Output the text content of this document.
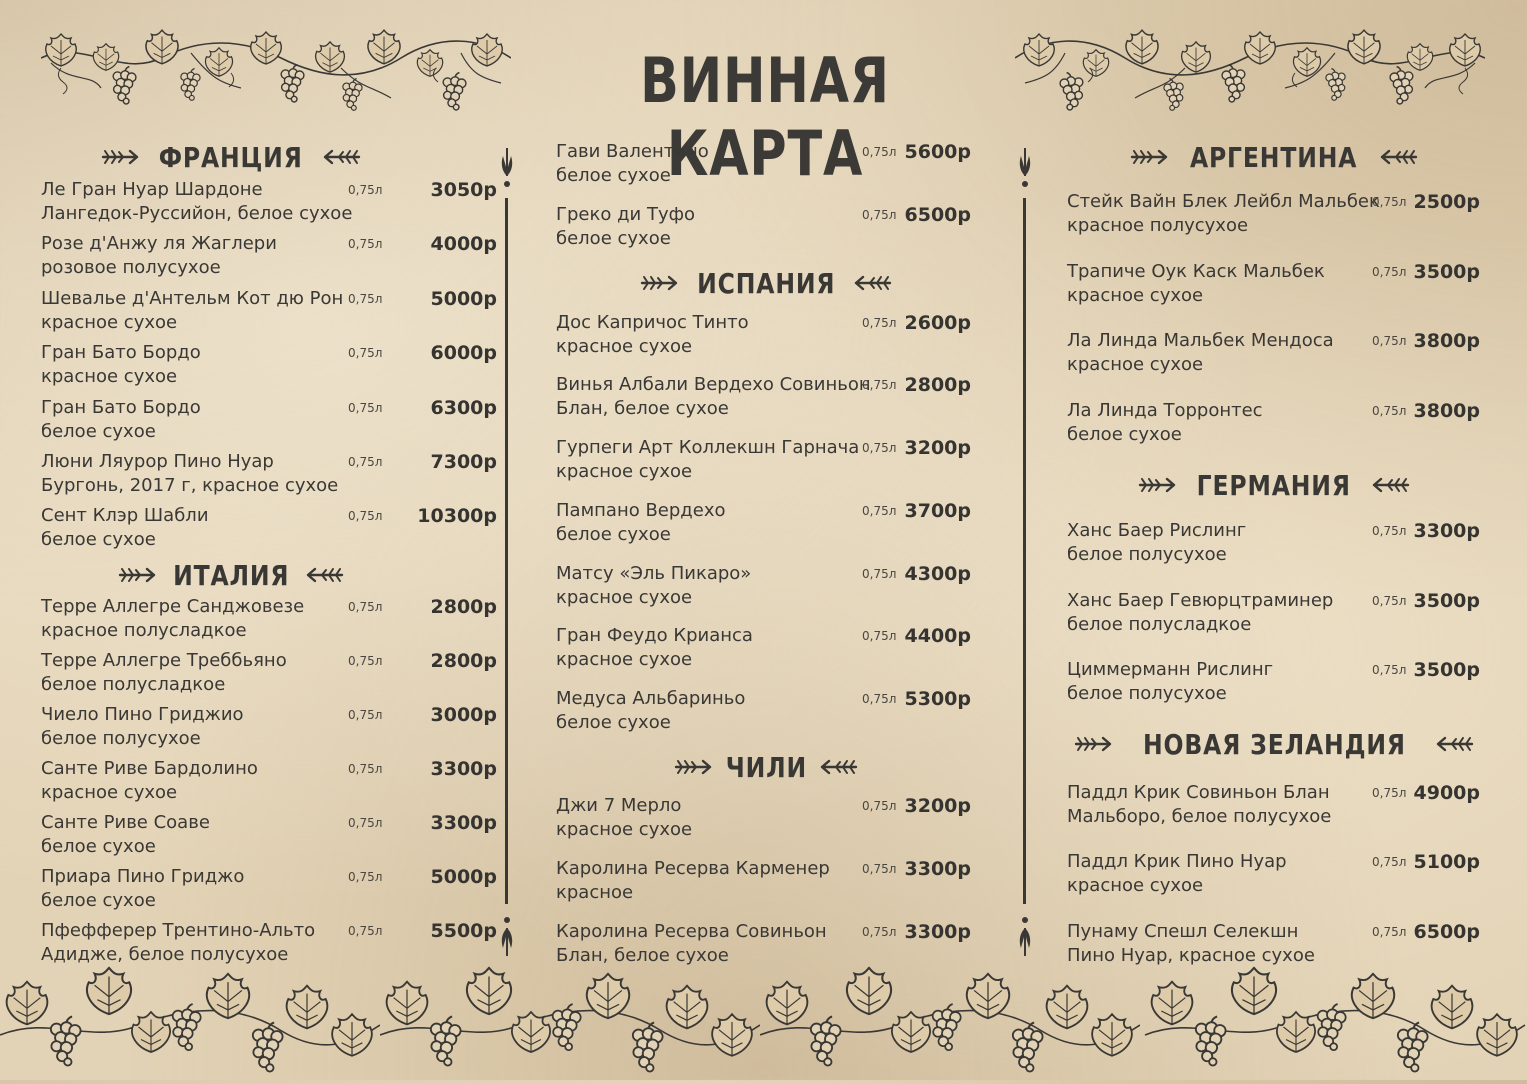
ВИННАЯ КАРТА
ФРАНЦИЯ
Ле Гран Нуар Шардоне
Лангедок-Руссийон, белое сухое
0,75л	3050р
Розе д'Анжу ля Жаглери
розовое полусухое
0,75л	4000р
Шевалье д'Антельм Кот дю Рон
красное сухое
0,75л	5000р
Гран Бато Бордо
красное сухое
0,75л	6000р
Гран Бато Бордо
белое сухое
0,75л	6300р
Люни Ляурор Пино Нуар
Бургонь, 2017 г, красное сухое
0,75л	7300р
Сент Клэр Шабли
белое сухое
0,75л 10300р
ИТАЛИЯ
Терре Аллегре Санджовезе
красное полусладкое
0,75л	2800р
Терре Аллегре Треббьяно
белое полусладкое
0,75л	2800р
Чиело Пино Гриджио
белое полусухое
0,75л	3000р
Санте Риве Бардолино
красное сухое
0,75л	3300р
Санте Риве Соаве
белое сухое
0,75л	3300р
Приара Пино Гриджо
белое сухое
0,75л	5000р
Пфефферер Трентино-Альто
Адидже, белое полусухое
0,75л	5500р
Гави Валентино
белое сухое
0,75л 5600р
Греко ди Туфо
белое сухое
0,75л 6500р
ИСПАНИЯ
Дос Капричос Тинто
красное сухое
0,75л 2600р
Винья Албали Вердехо Совиньон
Блан, белое сухое
0,75л 2800р
Гурпеги Арт Коллекшн Гарнача
красное сухое
0,75л 3200р
Пампано Вердехо
белое сухое
0,75л 3700р
Матсу «Эль Пикаро»
красное сухое
0,75л 4300р
Гран Феудо Крианса
красное сухое
0,75л 4400р
Медуса Альбариньо
белое сухое
0,75л 5300р
ЧИЛИ
Джи 7 Мерло
красное сухое
0,75л 3200р
Каролина Ресерва Карменер
красное
0,75л 3300р
Каролина Ресерва Совиньон
Блан, белое сухое
0,75л 3300р
АРГЕНТИНА
Стейк Вайн Блек Лейбл Мальбек
красное полусухое
0,75л 2500р
Трапиче Оук Каск Мальбек
красное сухое
0,75л 3500р
Ла Линда Мальбек Мендоса
красное сухое
0,75л 3800р
Ла Линда Торронтес
белое сухое
0,75л 3800р
ГЕРМАНИЯ
Ханс Баер Рислинг
белое полусухое
0,75л 3300р
Ханс Баер Гевюрцтраминер
белое полусладкое
0,75л 3500р
Циммерманн Рислинг
белое полусухое
0,75л 3500р
НОВАЯ ЗЕЛАНДИЯ
Паддл Крик Совиньон Блан
Мальборо, белое полусухое
0,75л 4900р
Паддл Крик Пино Нуар
красное сухое
0,75л 5100р
Пунаму Спешл Селекшн
Пино Нуар, красное сухое
0,75л 6500р
